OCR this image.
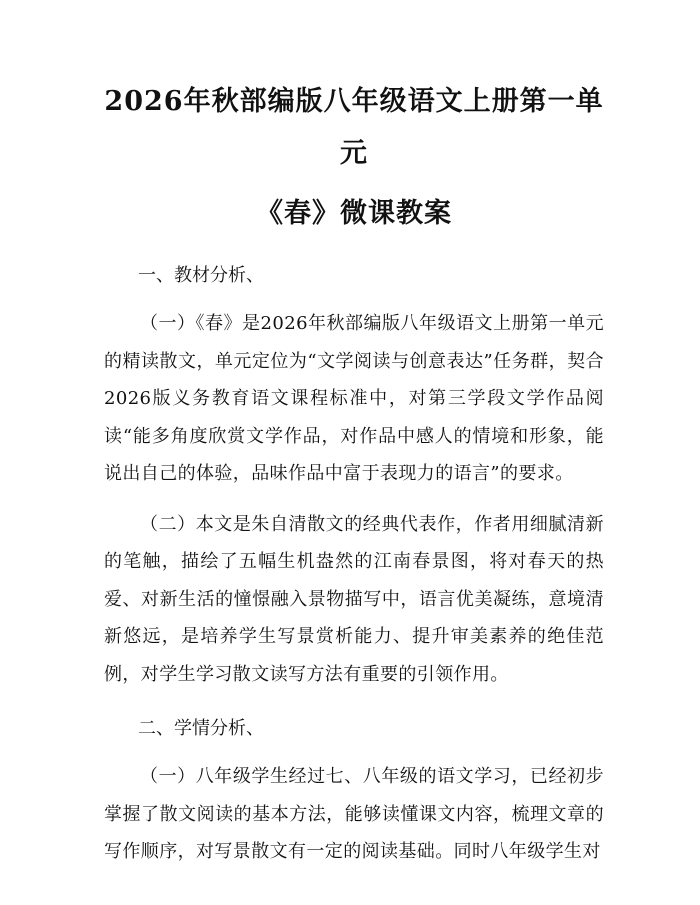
2026年秋部编版八年级语文上册第一单元
《春》微课教案

一、教材分析、

（一）《春》是2026年秋部编版八年级语文上册第一单元的精读散文，单元定位为“文学阅读与创意表达”任务群，契合2026版义务教育语文课程标准中，对第三学段文学作品阅读“能多角度欣赏文学作品，对作品中感人的情境和形象，能说出自己的体验，品味作品中富于表现力的语言”的要求。

（二）本文是朱自清散文的经典代表作，作者用细腻清新的笔触，描绘了五幅生机盎然的江南春景图，将对春天的热爱、对新生活的憧憬融入景物描写中，语言优美凝练，意境清新悠远，是培养学生写景赏析能力、提升审美素养的绝佳范例，对学生学习散文读写方法有重要的引领作用。

二、学情分析、

（一）八年级学生经过七、八年级的语文学习，已经初步掌握了散文阅读的基本方法，能够读懂课文内容，梳理文章的写作顺序，对写景散文有一定的阅读基础。同时八年级学生对
